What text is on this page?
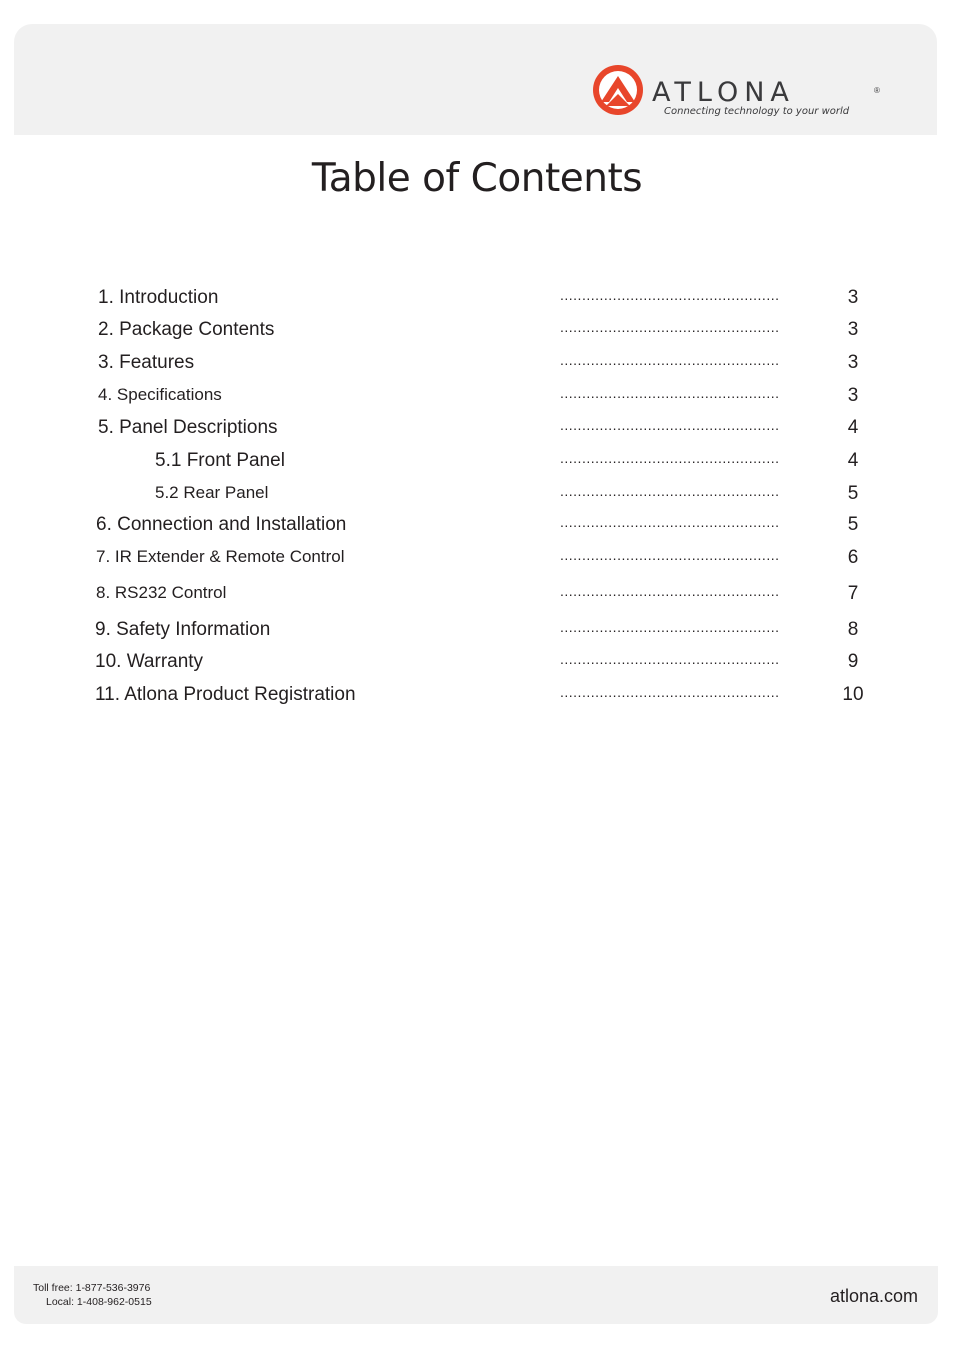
ATLONA	®
Connecting technology to your world
Table of Contents
1. Introduction	..................................................	3
2. Package Contents	..................................................	3
3. Features	..................................................	3
4. Specifications	..................................................	3
5. Panel Descriptions	..................................................	4
5.1 Front Panel	..................................................	4
5.2 Rear Panel	..................................................	5
6. Connection and Installation	..................................................	5
7. IR Extender & Remote Control	..................................................	6
8. RS232 Control	..................................................	7
9. Safety Information	..................................................	8
10. Warranty	..................................................	9
11. Atlona Product Registration	..................................................	10
Toll free: 1-877-536-3976
Local: 1-408-962-0515	atlona.com
